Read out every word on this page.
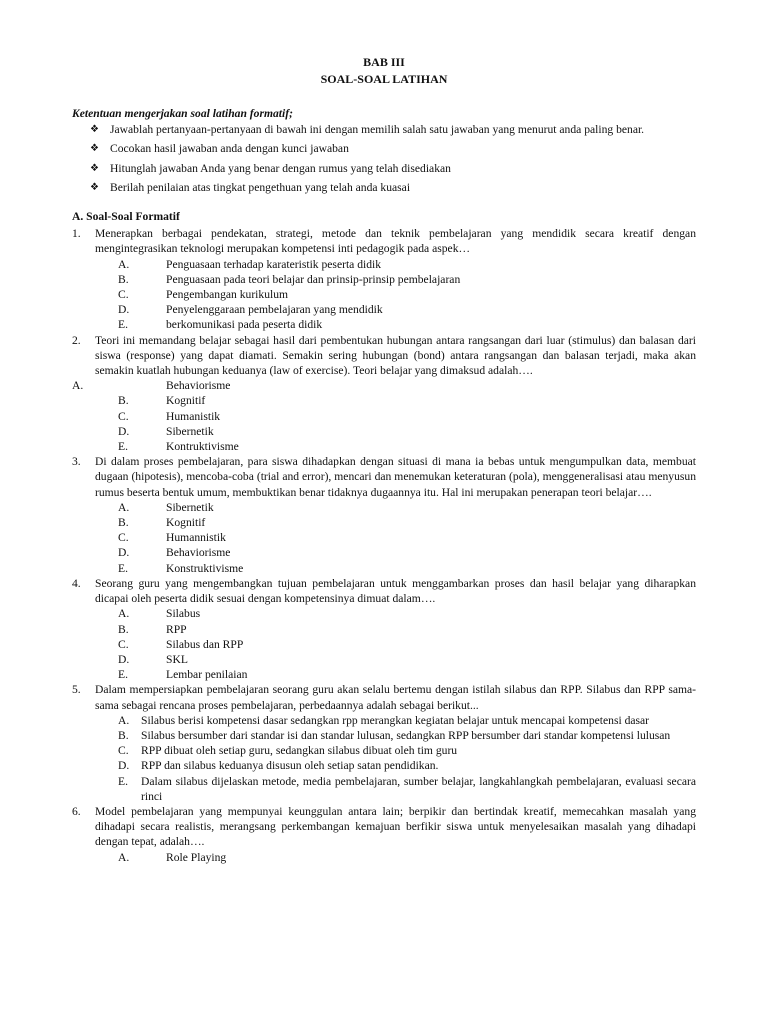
BAB III
SOAL-SOAL LATIHAN
Ketentuan mengerjakan soal latihan formatif;
❖ Jawablah pertanyaan-pertanyaan di bawah ini dengan memilih salah satu jawaban yang menurut anda paling benar.
❖ Cocokan hasil jawaban anda dengan kunci jawaban
❖ Hitunglah jawaban Anda yang benar dengan rumus yang telah disediakan
❖ Berilah penilaian atas tingkat pengethuan yang telah anda kuasai
A. Soal-Soal Formatif
1. Menerapkan berbagai pendekatan, strategi, metode dan teknik pembelajaran yang mendidik secara kreatif dengan mengintegrasikan teknologi merupakan kompetensi inti pedagogik pada aspek…
A.	Penguasaan terhadap karateristik peserta didik
B.	Penguasaan pada teori belajar dan prinsip-prinsip pembelajaran
C.	Pengembangan kurikulum
D.	Penyelenggaraan pembelajaran yang mendidik
E.	berkomunikasi pada peserta didik
2. Teori ini memandang belajar sebagai hasil dari pembentukan hubungan antara rangsangan dari luar (stimulus) dan balasan dari siswa (response) yang dapat diamati. Semakin sering hubungan (bond) antara rangsangan dan balasan terjadi, maka akan semakin kuatlah hubungan keduanya (law of exercise). Teori belajar yang dimaksud adalah….
A.	Behaviorisme
B.	Kognitif
C.	Humanistik
D.	Sibernetik
E.	Kontruktivisme
3. Di dalam proses pembelajaran, para siswa dihadapkan dengan situasi di mana ia bebas untuk mengumpulkan data, membuat dugaan (hipotesis), mencoba-coba (trial and error), mencari dan menemukan keteraturan (pola), menggeneralisasi atau menyusun rumus beserta bentuk umum, membuktikan benar tidaknya dugaannya itu. Hal ini merupakan penerapan teori belajar….
A.	Sibernetik
B.	Kognitif
C.	Humannistik
D.	Behaviorisme
E.	Konstruktivisme
4. Seorang guru yang mengembangkan tujuan pembelajaran untuk menggambarkan proses dan hasil belajar yang diharapkan dicapai oleh peserta didik sesuai dengan kompetensinya dimuat dalam….
A.	Silabus
B.	RPP
C.	Silabus dan RPP
D.	SKL
E.	Lembar penilaian
5. Dalam mempersiapkan pembelajaran seorang guru akan selalu bertemu dengan istilah silabus dan RPP. Silabus dan RPP sama-sama sebagai rencana proses pembelajaran, perbedaannya adalah sebagai berikut...
A. Silabus berisi kompetensi dasar sedangkan rpp merangkan kegiatan belajar untuk mencapai kompetensi dasar
B. Silabus bersumber dari standar isi dan standar lulusan, sedangkan RPP bersumber dari standar kompetensi lulusan
C. RPP dibuat oleh setiap guru, sedangkan silabus dibuat oleh tim guru
D. RPP dan silabus keduanya disusun oleh setiap satan pendidikan.
E. Dalam silabus dijelaskan metode, media pembelajaran, sumber belajar, langkahlangkah pembelajaran, evaluasi secara rinci
6. Model pembelajaran yang mempunyai keunggulan antara lain; berpikir dan bertindak kreatif, memecahkan masalah yang dihadapi secara realistis, merangsang perkembangan kemajuan berfikir siswa untuk menyelesaikan masalah yang dihadapi dengan tepat, adalah….
A.	Role Playing
